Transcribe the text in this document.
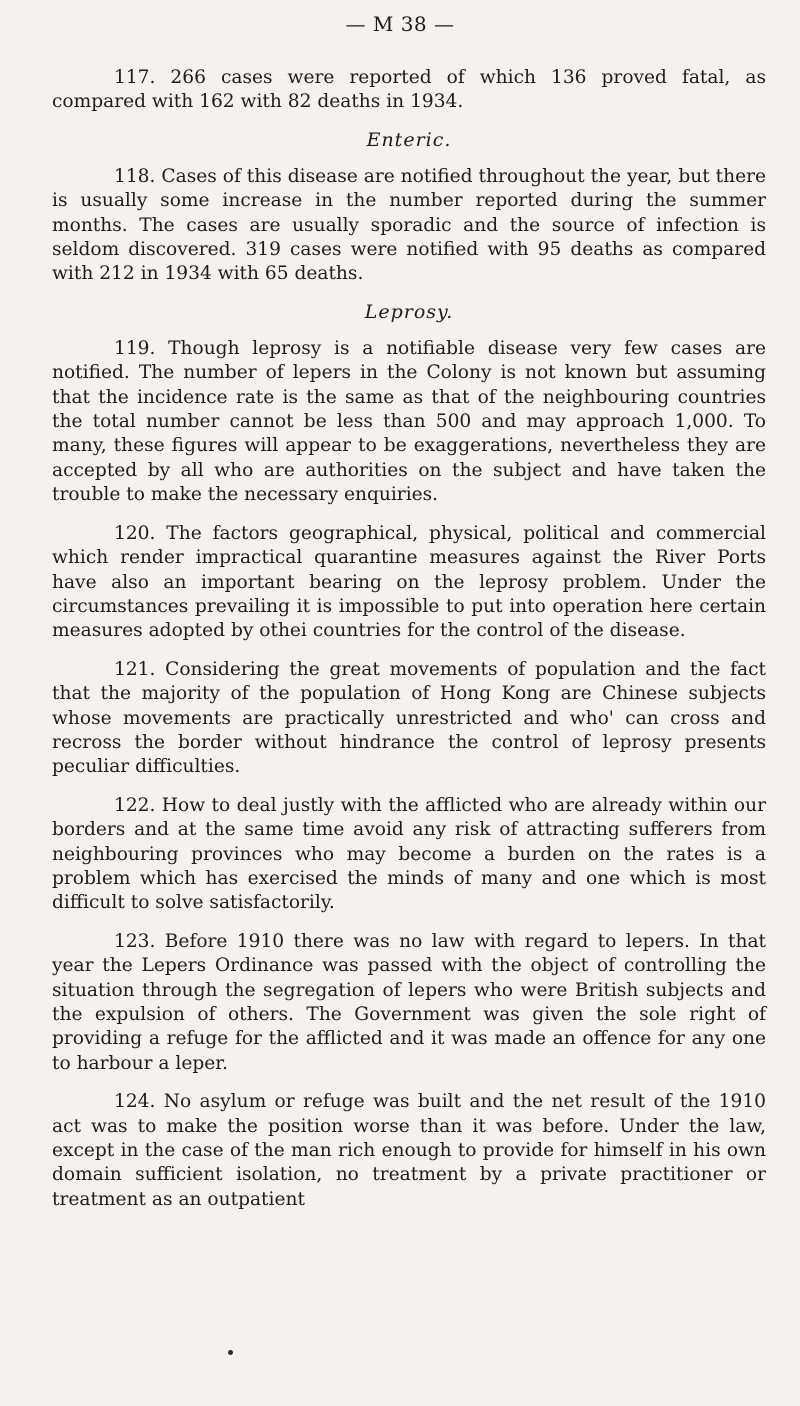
— M 38 —

117. 266 cases were reported of which 136 proved fatal, as compared with 162 with 82 deaths in 1934.

Enteric.

118. Cases of this disease are notified throughout the year, but there is usually some increase in the number reported during the summer months. The cases are usually sporadic and the source of infection is seldom discovered. 319 cases were notified with 95 deaths as compared with 212 in 1934 with 65 deaths.

Leprosy.

119. Though leprosy is a notifiable disease very few cases are notified. The number of lepers in the Colony is not known but assuming that the incidence rate is the same as that of the neighbouring countries the total number cannot be less than 500 and may approach 1,000. To many, these figures will appear to be exaggerations, nevertheless they are accepted by all who are authorities on the subject and have taken the trouble to make the necessary enquiries.

120. The factors geographical, physical, political and commercial which render impractical quarantine measures against the River Ports have also an important bearing on the leprosy problem. Under the circumstances prevailing it is impossible to put into operation here certain measures adopted by othei countries for the control of the disease.

121. Considering the great movements of population and the fact that the majority of the population of Hong Kong are Chinese subjects whose movements are practically unrestricted and who' can cross and recross the border without hindrance the control of leprosy presents peculiar difficulties.

122. How to deal justly with the afflicted who are already within our borders and at the same time avoid any risk of attracting sufferers from neighbouring provinces who may become a burden on the rates is a problem which has exercised the minds of many and one which is most difficult to solve satisfactorily.

123. Before 1910 there was no law with regard to lepers. In that year the Lepers Ordinance was passed with the object of controlling the situation through the segregation of lepers who were British subjects and the expulsion of others. The Government was given the sole right of providing a refuge for the afflicted and it was made an offence for any one to harbour a leper.

124. No asylum or refuge was built and the net result of the 1910 act was to make the position worse than it was before. Under the law, except in the case of the man rich enough to provide for himself in his own domain sufficient isolation, no treatment by a private practitioner or treatment as an outpatient
